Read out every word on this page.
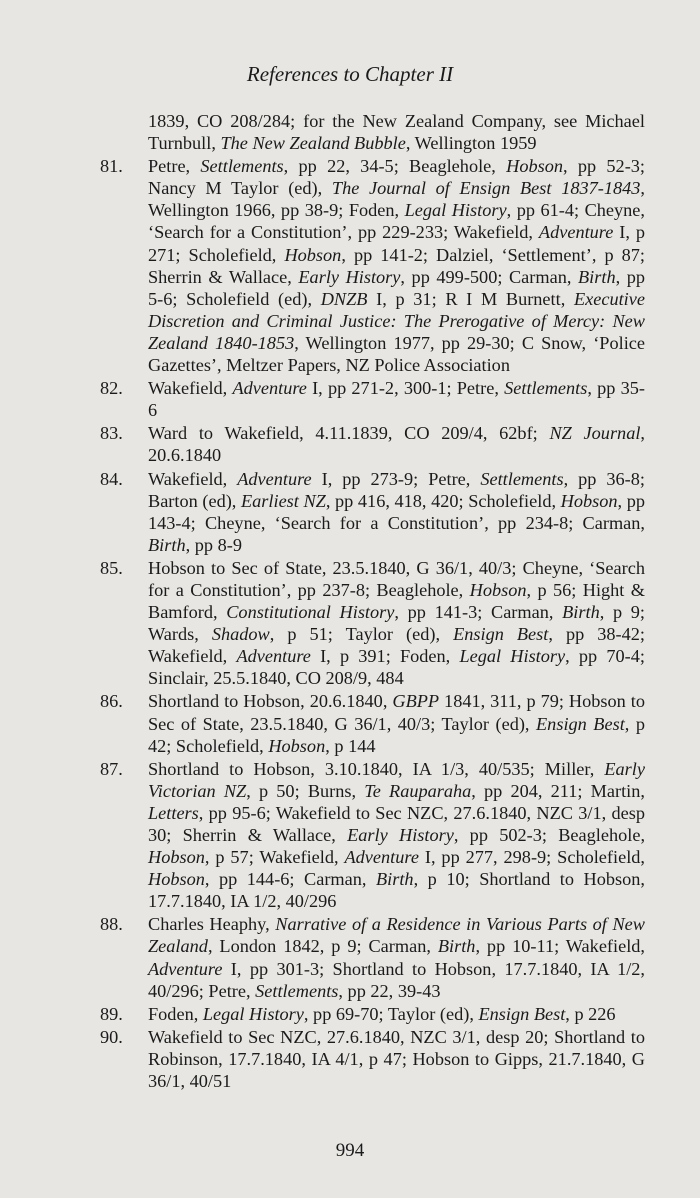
References to Chapter II

1839, CO 208/284; for the New Zealand Company, see Michael Turnbull, The New Zealand Bubble, Wellington 1959

81.	Petre, Settlements, pp 22, 34-5; Beaglehole, Hobson, pp 52-3; Nancy M Taylor (ed), The Journal of Ensign Best 1837-1843, Wellington 1966, pp 38-9; Foden, Legal History, pp 61-4; Cheyne, ‘Search for a Constitution’, pp 229-233; Wakefield, Adventure I, p 271; Scholefield, Hobson, pp 141-2; Dalziel, ‘Settlement’, p 87; Sherrin & Wallace, Early History, pp 499-500; Carman, Birth, pp 5-6; Scholefield (ed), DNZB I, p 31; R I M Burnett, Executive Discretion and Criminal Justice: The Prerogative of Mercy: New Zealand 1840-1853, Wellington 1977, pp 29-30; C Snow, ‘Police Gazettes’, Meltzer Papers, NZ Police Association

82.	Wakefield, Adventure I, pp 271-2, 300-1; Petre, Settlements, pp 35-6

83.	Ward to Wakefield, 4.11.1839, CO 209/4, 62bf; NZ Journal, 20.6.1840

84.	Wakefield, Adventure I, pp 273-9; Petre, Settlements, pp 36-8; Barton (ed), Earliest NZ, pp 416, 418, 420; Scholefield, Hobson, pp 143-4; Cheyne, ‘Search for a Constitution’, pp 234-8; Carman, Birth, pp 8-9

85.	Hobson to Sec of State, 23.5.1840, G 36/1, 40/3; Cheyne, ‘Search for a Constitution’, pp 237-8; Beaglehole, Hobson, p 56; Hight & Bamford, Constitutional History, pp 141-3; Carman, Birth, p 9; Wards, Shadow, p 51; Taylor (ed), Ensign Best, pp 38-42; Wakefield, Adventure I, p 391; Foden, Legal History, pp 70-4; Sinclair, 25.5.1840, CO 208/9, 484

86.	Shortland to Hobson, 20.6.1840, GBPP 1841, 311, p 79; Hobson to Sec of State, 23.5.1840, G 36/1, 40/3; Taylor (ed), Ensign Best, p 42; Scholefield, Hobson, p 144

87.	Shortland to Hobson, 3.10.1840, IA 1/3, 40/535; Miller, Early Victorian NZ, p 50; Burns, Te Rauparaha, pp 204, 211; Martin, Letters, pp 95-6; Wakefield to Sec NZC, 27.6.1840, NZC 3/1, desp 30; Sherrin & Wallace, Early History, pp 502-3; Beaglehole, Hobson, p 57; Wakefield, Adventure I, pp 277, 298-9; Scholefield, Hobson, pp 144-6; Carman, Birth, p 10; Shortland to Hobson, 17.7.1840, IA 1/2, 40/296

88.	Charles Heaphy, Narrative of a Residence in Various Parts of New Zealand, London 1842, p 9; Carman, Birth, pp 10-11; Wakefield, Adventure I, pp 301-3; Shortland to Hobson, 17.7.1840, IA 1/2, 40/296; Petre, Settlements, pp 22, 39-43

89.	Foden, Legal History, pp 69-70; Taylor (ed), Ensign Best, p 226

90.	Wakefield to Sec NZC, 27.6.1840, NZC 3/1, desp 20; Shortland to Robinson, 17.7.1840, IA 4/1, p 47; Hobson to Gipps, 21.7.1840, G 36/1, 40/51

994
